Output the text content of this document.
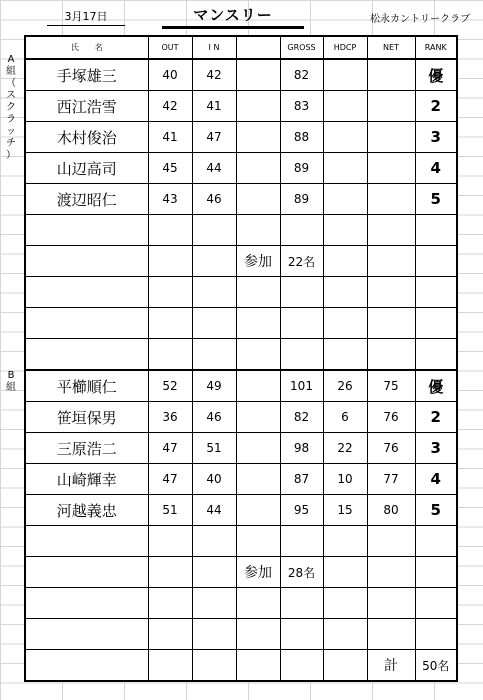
3月17日	マンスリー	松永カントリークラブ
A
組
（
ス
ク
ラ
ッ
チ
）
B
組
氏　　名	OUT	I N		GROSS	HDCP	NET	RANK
手塚雄三	40	42		82			優
西江浩雪	42	41		83			2
木村俊治	41	47		88			3
山辺高司	45	44		89			4
渡辺昭仁	43	46		89			5

			参加	22名			

平櫛順仁	52	49		101	26	75	優
笹垣保男	36	46		82	6	76	2
三原浩二	47	51		98	22	76	3
山崎輝幸	47	40		87	10	77	4
河越義忠	51	44		95	15	80	5

			参加	28名			

						計	50名
